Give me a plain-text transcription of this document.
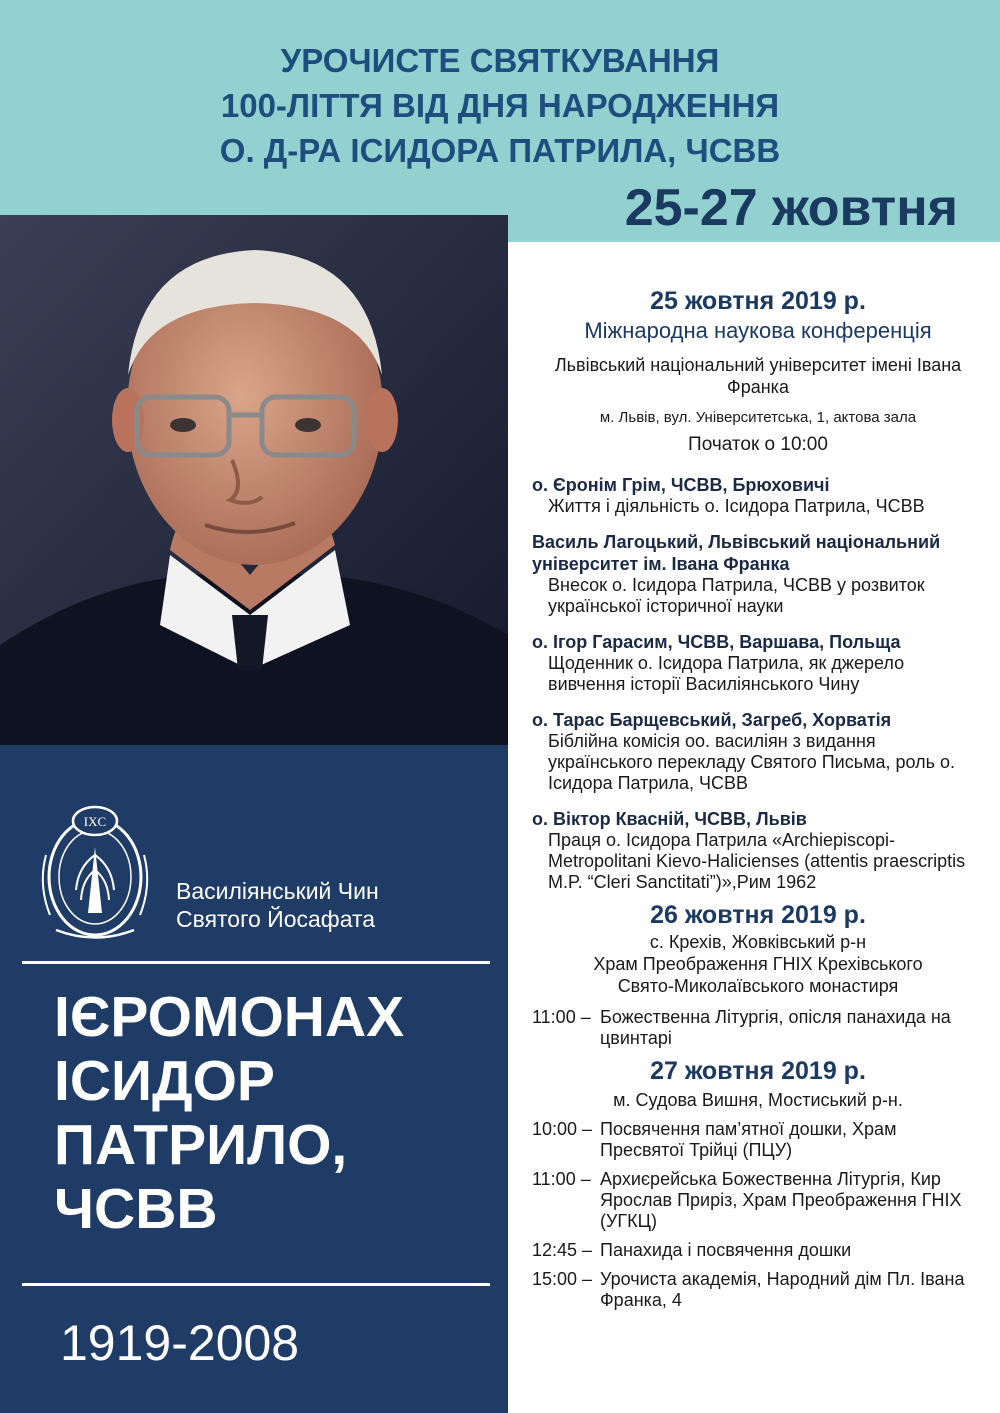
УРОЧИСТЕ СВЯТКУВАННЯ
100-ЛІТТЯ ВІД ДНЯ НАРОДЖЕННЯ
О. Д-РА ІСИДОРА ПАТРИЛА, ЧСВВ
25-27 жовтня
IXC
Василіянський Чин
Святого Йосафата
ІЄРОМОНАХ
ІСИДОР
ПАТРИЛО,
ЧСВВ
1919-2008
25 жовтня 2019 р.
Міжнародна наукова конференція
Львівський національний університет імені Івана
Франка
м. Львів, вул. Університетська, 1, актова зала
Початок о 10:00
о. Єронім Грім, ЧСВВ, Брюховичі
Життя і діяльність о. Ісидора Патрила, ЧСВВ
Василь Лагоцький, Львівський національний університет ім. Івана Франка
Внесок о. Ісидора Патрила, ЧСВВ у розвиток української історичної науки
о. Ігор Гарасим, ЧСВВ, Варшава, Польща
Щоденник о. Ісидора Патрила, як джерело вивчення історії Василіянського Чину
о. Тарас Барщевський, Загреб, Хорватія
Біблійна комісія оо. василіян з видання українського перекладу Святого Письма, роль о. Ісидора Патрила, ЧСВВ
о. Віктор Квасній, ЧСВВ, Львів
Праця о. Ісидора Патрила «Archiepiscopi-Metropolitani Kievo-Halicienses (attentis praescriptis M.P. “Cleri Sanctitati”)»,Рим 1962
26 жовтня 2019 р.
с. Крехів, Жовківський р-н
Храм Преображення ГНІХ Крехівського
Свято-Миколаївського монастиря
11:00 – Божественна Літургія, опісля панахида на цвинтарі
27 жовтня 2019 р.
м. Судова Вишня, Мостиський р-н.
10:00 – Посвячення пам’ятної дошки, Храм Пресвятої Трійці (ПЦУ)
11:00 – Архиєрейська Божественна Літургія, Кир Ярослав Приріз, Храм Преображення ГНІХ (УГКЦ)
12:45 – Панахида і посвячення дошки
15:00 – Урочиста академія, Народний дім Пл. Івана Франка, 4
